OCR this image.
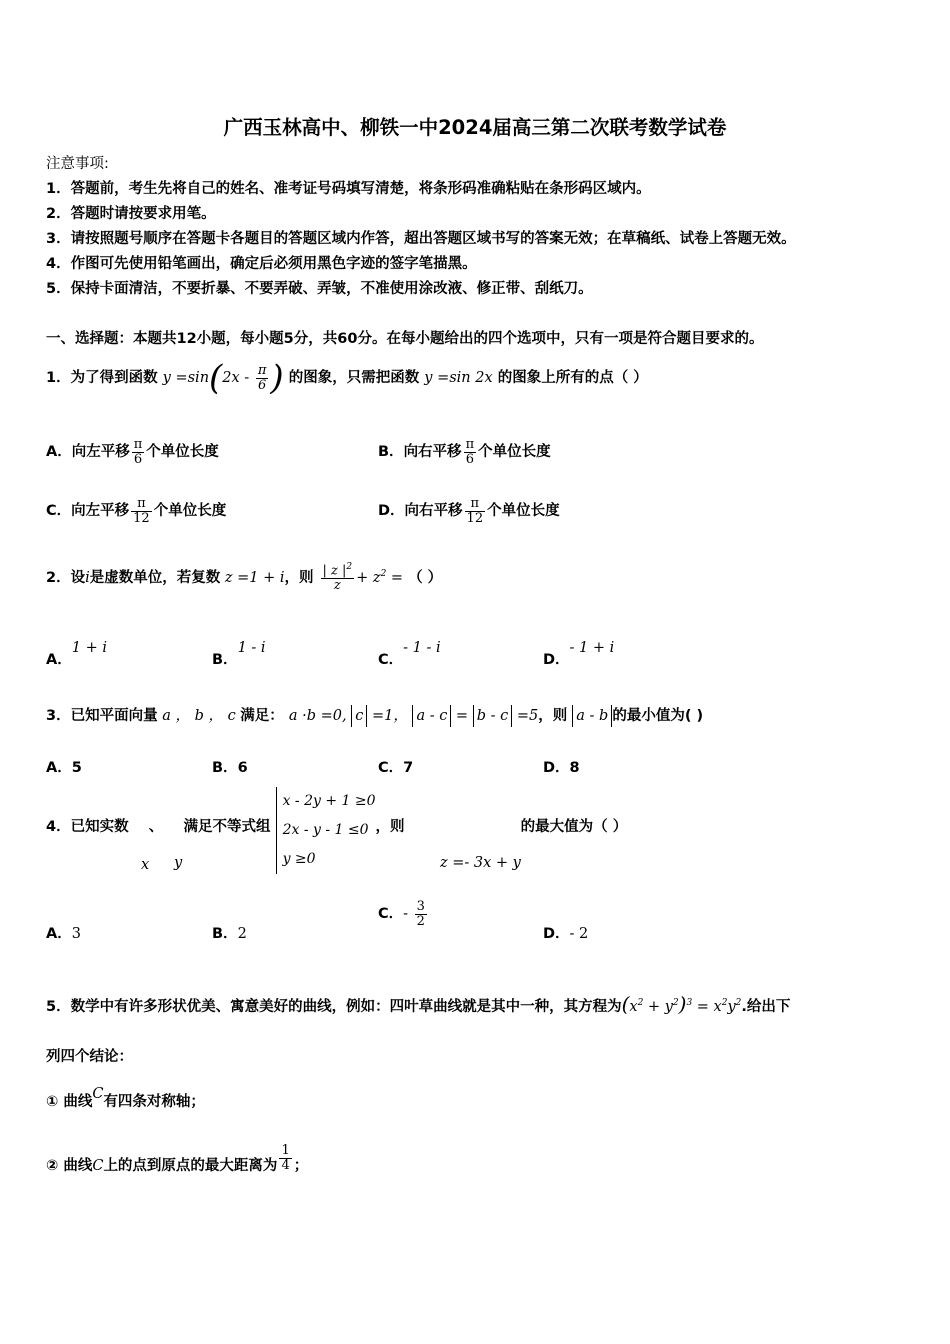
广西玉林高中、柳铁一中2024届高三第二次联考数学试卷
注意事项:
1．答题前，考生先将自己的姓名、准考证号码填写清楚，将条形码准确粘贴在条形码区域内。
2．答题时请按要求用笔。
3．请按照题号顺序在答题卡各题目的答题区域内作答，超出答题区域书写的答案无效；在草稿纸、试卷上答题无效。
4．作图可先使用铅笔画出，确定后必须用黑色字迹的签字笔描黑。
5．保持卡面清洁，不要折暴、不要弄破、弄皱，不准使用涂改液、修正带、刮纸刀。
一、选择题：本题共12小题，每小题5分，共60分。在每小题给出的四个选项中，只有一项是符合题目要求的。
1．为了得到函数 $y =\sin(2x - \frac{\pi}{6}$ ) 的图象，只需把函数 y =sin 2x 的图象上所有的点（ ）
A．向左平移 $\frac{\pi}{6}$ 个单位长度	B．向右平移 $\frac{\pi}{6}$ 个单位长度
C．向左平移 $\frac{\pi}{12}$ 个单位长度	D．向右平移 $\frac{\pi}{12}$ 个单位长度
2．设i是虚数单位，若复数 z =1 + i，则 $\frac{| z |^2}{z} + z^2$ = （ ）
A．1 + i
B．1 - i
C．- 1 - i
D．- 1 + i
3．已知平面向量 a ， b ， c 满足： a ·b =0, c =1， a - c = b - c =5，则 a - b 的最小值为( )
A．5	B．6	C．7	D．8
4．已知实数 、 满足不等式组 x - 2y + 1 ≥0
2x - y - 1 ≤0
y ≥0，则	的最大值为（ ）
x y	z =- 3x + y
A．3	B．2
C．- $\frac{3}{2}$
D．- 2
5．数学中有许多形状优美、寓意美好的曲线，例如：四叶草曲线就是其中一种，其方程为$(x^2 + y^2)^3 = x^2y^2$.给出下
列四个结论：
① 曲线C有四条对称轴；
② 曲线C上的点到原点的最大距离为 $\frac{1}{4}$ ；
